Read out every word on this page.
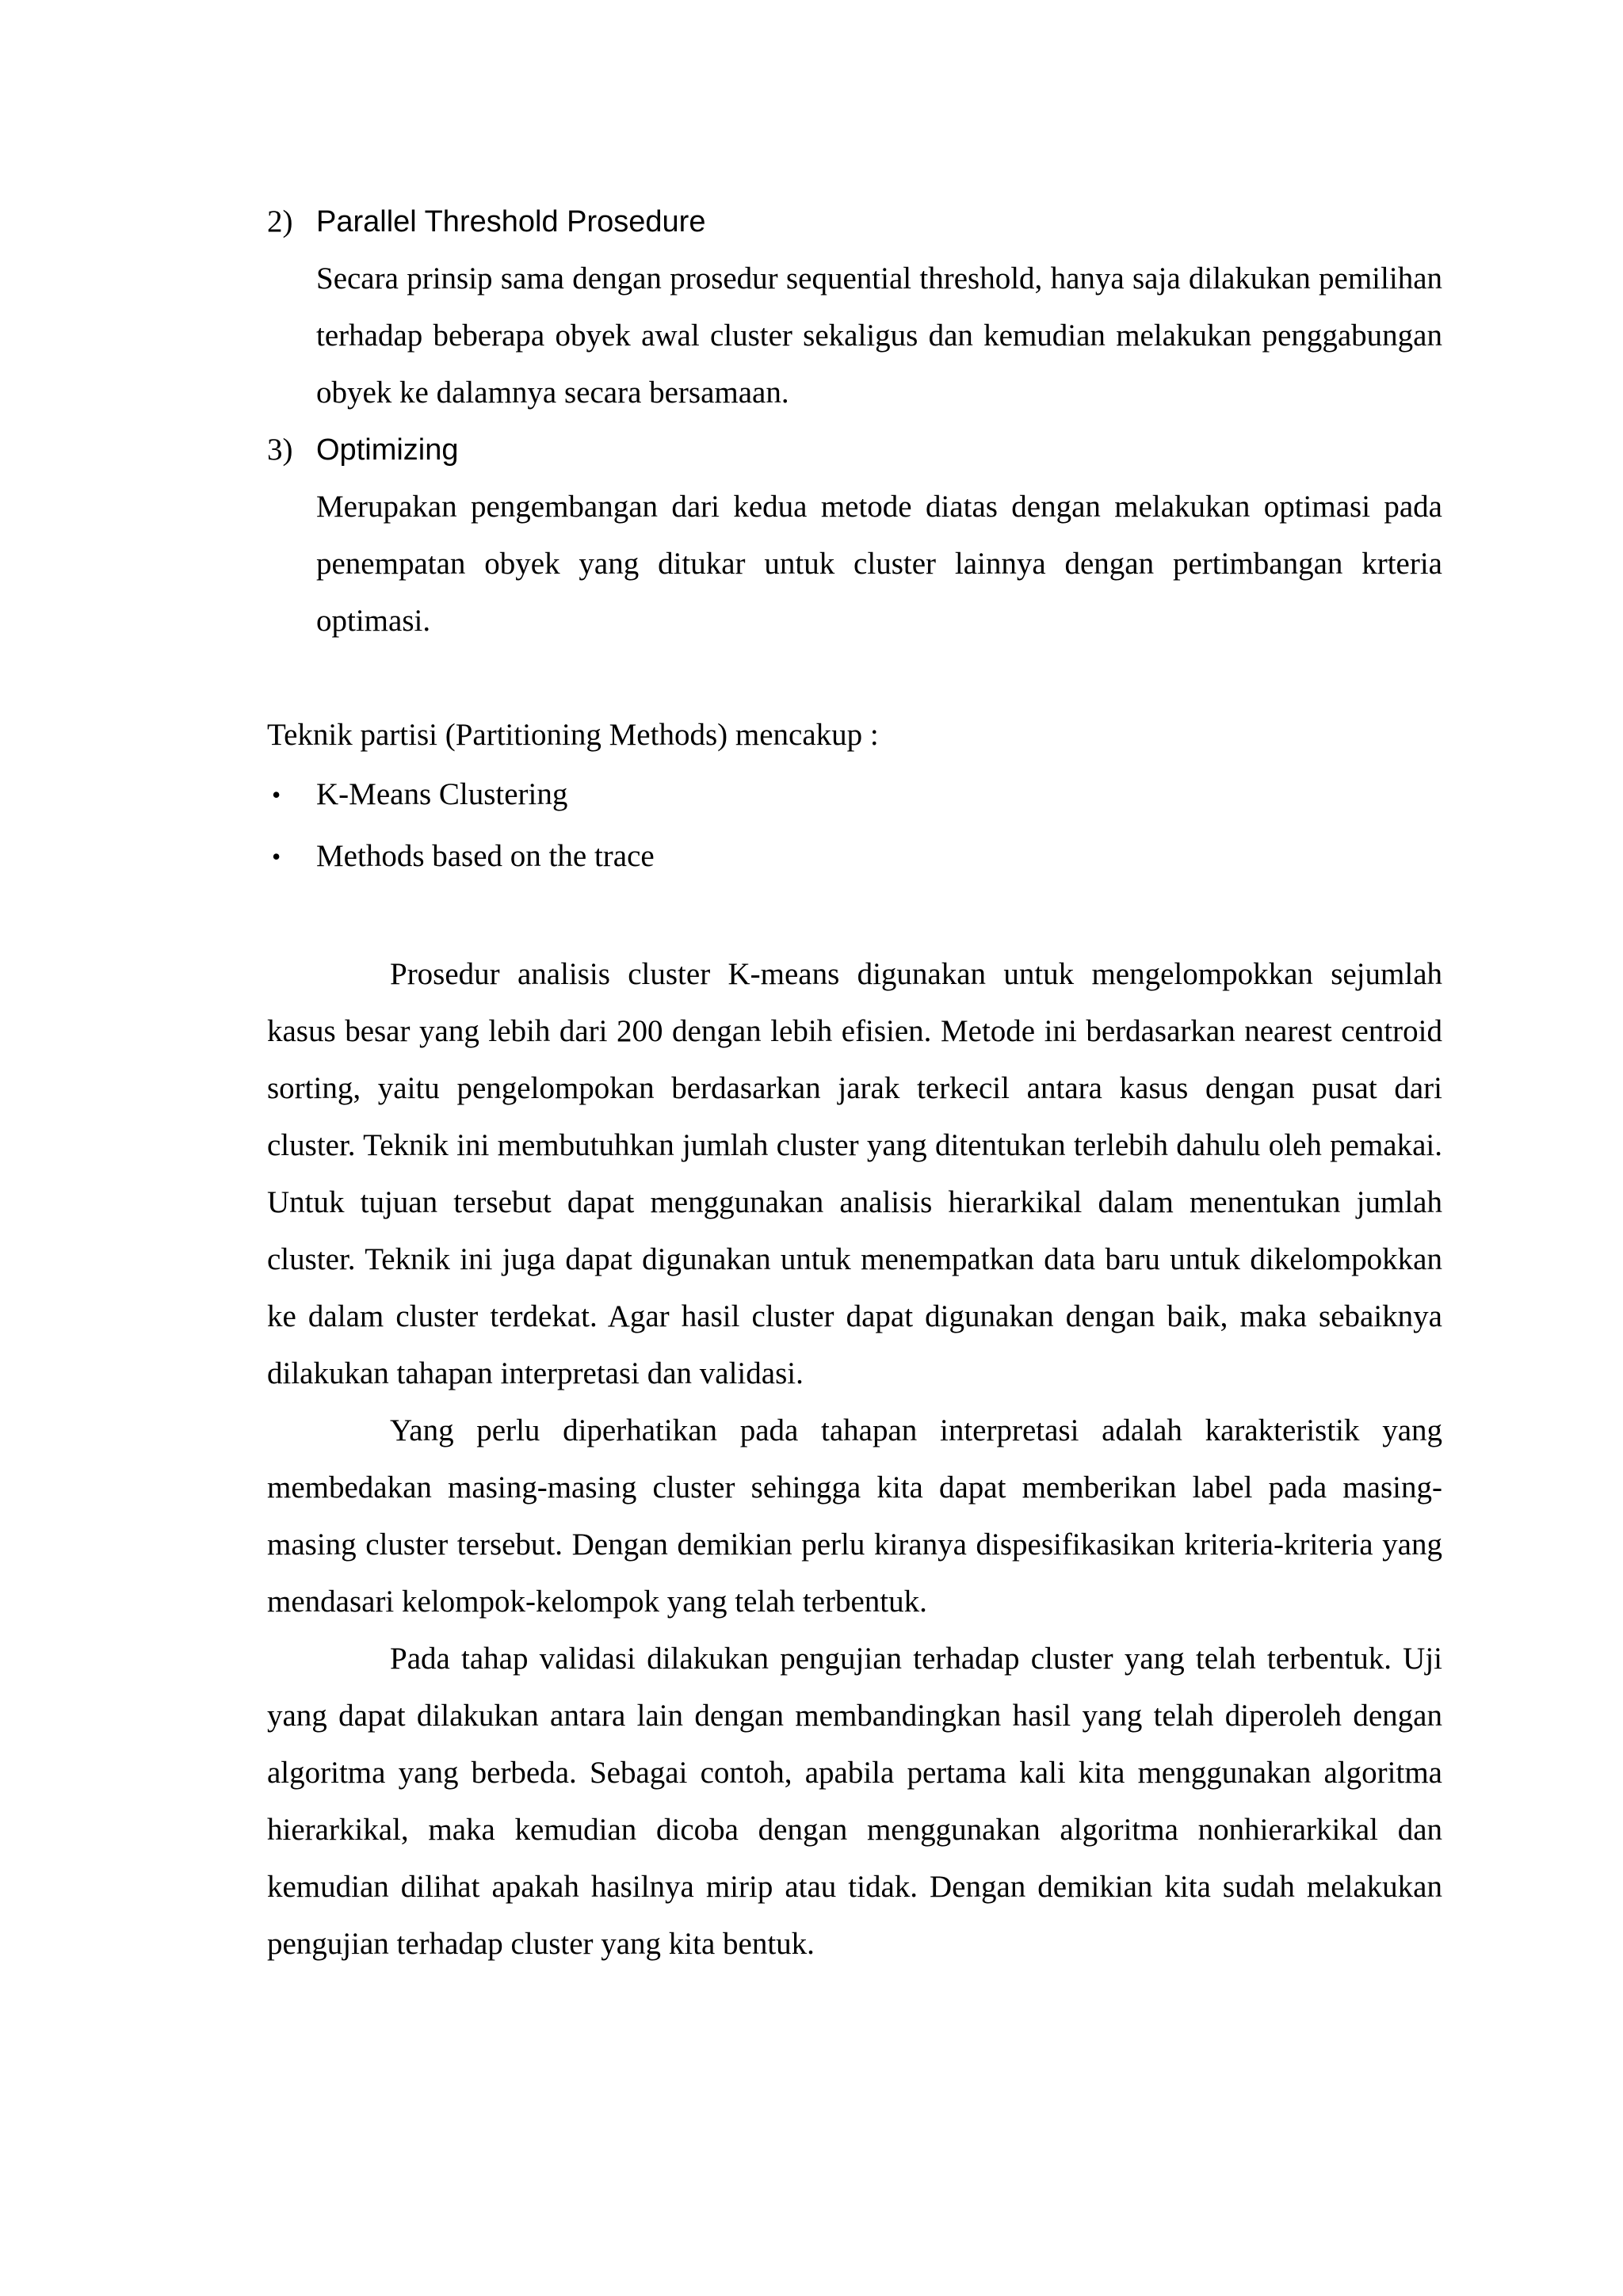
2) Parallel Threshold Prosedure
Secara prinsip sama dengan prosedur sequential threshold, hanya saja dilakukan pemilihan terhadap beberapa obyek awal cluster sekaligus dan kemudian melakukan penggabungan obyek ke dalamnya secara bersamaan.
3) Optimizing
Merupakan pengembangan dari kedua metode diatas dengan melakukan optimasi pada penempatan obyek yang ditukar untuk cluster lainnya dengan pertimbangan krteria optimasi.
Teknik partisi (Partitioning Methods) mencakup :
• K-Means Clustering
• Methods based on the trace

Prosedur analisis cluster K-means digunakan untuk mengelompokkan sejumlah kasus besar yang lebih dari 200 dengan lebih efisien. Metode ini berdasarkan nearest centroid sorting, yaitu pengelompokan berdasarkan jarak terkecil antara kasus dengan pusat dari cluster. Teknik ini membutuhkan jumlah cluster yang ditentukan terlebih dahulu oleh pemakai. Untuk tujuan tersebut dapat menggunakan analisis hierarkikal dalam menentukan jumlah cluster. Teknik ini juga dapat digunakan untuk menempatkan data baru untuk dikelompokkan ke dalam cluster terdekat. Agar hasil cluster dapat digunakan dengan baik, maka sebaiknya dilakukan tahapan interpretasi dan validasi.

Yang perlu diperhatikan pada tahapan interpretasi adalah karakteristik yang membedakan masing-masing cluster sehingga kita dapat memberikan label pada masing-masing cluster tersebut. Dengan demikian perlu kiranya dispesifikasikan kriteria-kriteria yang mendasari kelompok-kelompok yang telah terbentuk.

Pada tahap validasi dilakukan pengujian terhadap cluster yang telah terbentuk. Uji yang dapat dilakukan antara lain dengan membandingkan hasil yang telah diperoleh dengan algoritma yang berbeda. Sebagai contoh, apabila pertama kali kita menggunakan algoritma hierarkikal, maka kemudian dicoba dengan menggunakan algoritma nonhierarkikal dan kemudian dilihat apakah hasilnya mirip atau tidak. Dengan demikian kita sudah melakukan pengujian terhadap cluster yang kita bentuk.
